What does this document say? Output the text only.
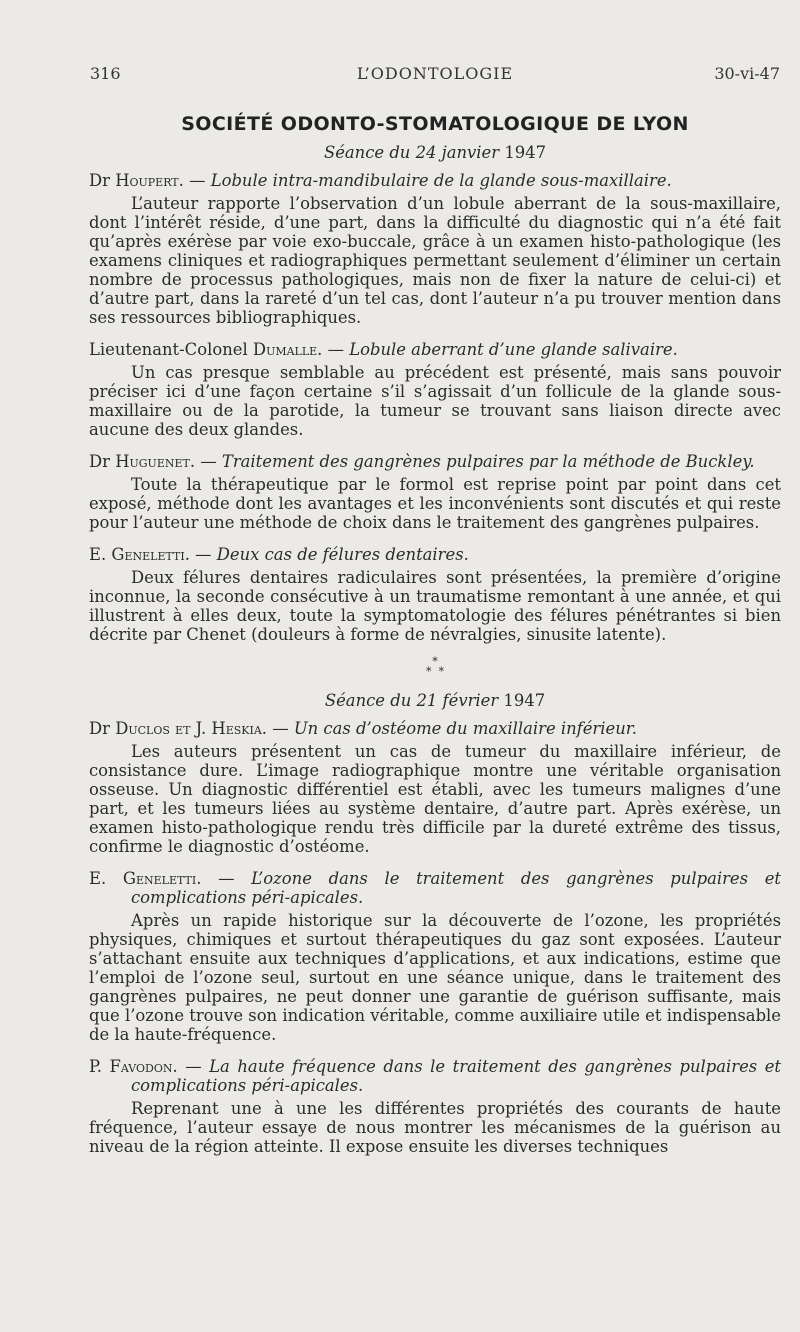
316	L’ODONTOLOGIE	30-vi-47
SOCIÉTÉ ODONTO-STOMATOLOGIQUE DE LYON
Séance du 24 janvier 1947

Dr Houpert. — Lobule intra-mandibulaire de la glande sous-maxillaire.

L’auteur rapporte l’observation d’un lobule aberrant de la sous-maxillaire, dont l’intérêt réside, d’une part, dans la difficulté du diagnostic qui n’a été fait qu’après exérèse par voie exo-buccale, grâce à un examen histo-pathologique (les examens cliniques et radiographiques permettant seulement d’éliminer un certain nombre de processus pathologiques, mais non de fixer la nature de celui-ci) et d’autre part, dans la rareté d’un tel cas, dont l’auteur n’a pu trouver mention dans ses ressources bibliographiques.

Lieutenant-Colonel Dumalle. — Lobule aberrant d’une glande salivaire.

Un cas presque semblable au précédent est présenté, mais sans pouvoir préciser ici d’une façon certaine s’il s’agissait d’un follicule de la glande sous-maxillaire ou de la parotide, la tumeur se trouvant sans liaison directe avec aucune des deux glandes.

Dr Huguenet. — Traitement des gangrènes pulpaires par la méthode de Buckley.

Toute la thérapeutique par le formol est reprise point par point dans cet exposé, méthode dont les avantages et les inconvénients sont discutés et qui reste pour l’auteur une méthode de choix dans le traitement des gangrènes pulpaires.

E. Geneletti. — Deux cas de félures dentaires.

Deux félures dentaires radiculaires sont présentées, la première d’origine inconnue, la seconde consécutive à un traumatisme remontant à une année, et qui illustrent à elles deux, toute la symptomatologie des félures pénétrantes si bien décrite par Chenet (douleurs à forme de névralgies, sinusite latente).

*
*  *
Séance du 21 février 1947

Dr Duclos et J. Heskia. — Un cas d’ostéome du maxillaire inférieur.

Les auteurs présentent un cas de tumeur du maxillaire inférieur, de consistance dure. L’image radiographique montre une véritable organisation osseuse. Un diagnostic différentiel est établi, avec les tumeurs malignes d’une part, et les tumeurs liées au système dentaire, d’autre part. Après exérèse, un examen histo-pathologique rendu très difficile par la dureté extrême des tissus, confirme le diagnostic d’ostéome.

E. Geneletti. — L’ozone dans le traitement des gangrènes pulpaires et complications péri-apicales.

Après un rapide historique sur la découverte de l’ozone, les propriétés physiques, chimiques et surtout thérapeutiques du gaz sont exposées. L’auteur s’attachant ensuite aux techniques d’applications, et aux indications, estime que l’emploi de l’ozone seul, surtout en une séance unique, dans le traitement des gangrènes pulpaires, ne peut donner une garantie de guérison suffisante, mais que l’ozone trouve son indication véritable, comme auxiliaire utile et indispensable de la haute-fréquence.

P. Favodon. — La haute fréquence dans le traitement des gangrènes pulpaires et complications péri-apicales.

Reprenant une à une les différentes propriétés des courants de haute fréquence, l’auteur essaye de nous montrer les mécanismes de la guérison au niveau de la région atteinte. Il expose ensuite les diverses techniques
